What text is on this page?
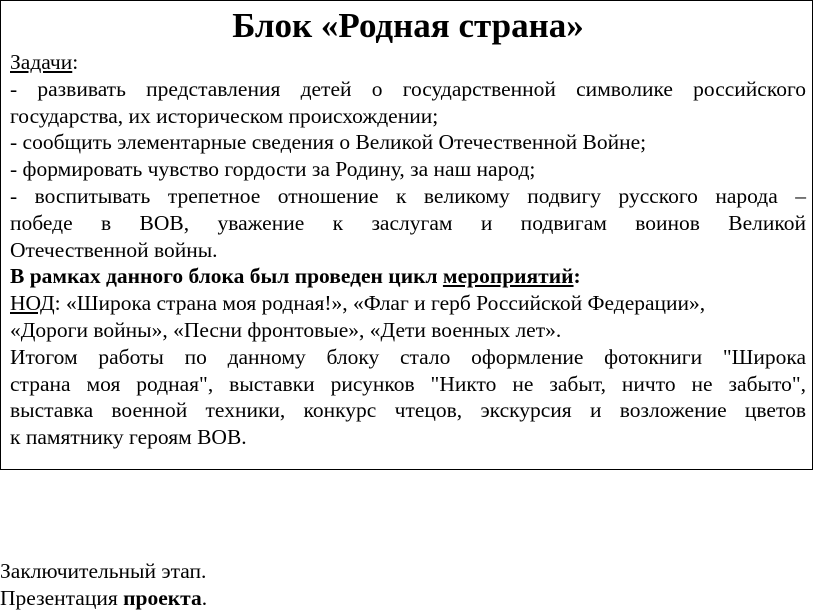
Блок «Родная страна»
Задачи:
- развивать представления детей о государственной символике российского
государства, их историческом происхождении;
- сообщить элементарные сведения о Великой Отечественной Войне;
- формировать чувство гордости за Родину, за наш народ;
- воспитывать трепетное отношение к великому подвигу русского народа –
победе в ВОВ, уважение к заслугам и подвигам воинов Великой
Отечественной войны.
В рамках данного блока был проведен цикл мероприятий:
НОД: «Широка страна моя родная!», «Флаг и герб Российской Федерации»,
«Дороги войны», «Песни фронтовые», «Дети военных лет».
Итогом работы по данному блоку стало оформление фотокниги "Широка
страна моя родная", выставки рисунков "Никто не забыт, ничто не забыто",
выставка военной техники, конкурс чтецов, экскурсия и возложение цветов
к памятнику героям ВОВ.
Заключительный этап.
Презентация проекта.
